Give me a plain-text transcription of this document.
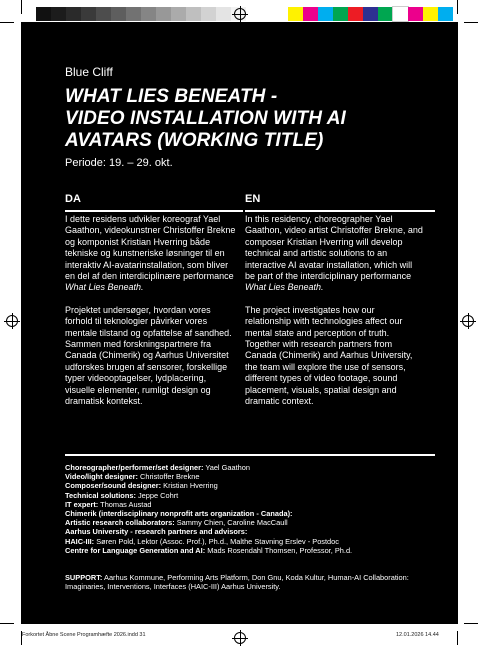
Blue Cliff
WHAT LIES BENEATH -
VIDEO INSTALLATION WITH AI
AVATARS (WORKING TITLE)
Periode: 19. – 29. okt.
DA

I dette residens udvikler koreograf Yael Gaathon, videokunstner Christoffer Brekne og komponist Kristian Hverring både tekniske og kunstneriske løsninger til en interaktiv AI-avatarinstallation, som bliver en del af den interdiciplinære performance What Lies Beneath.

Projektet undersøger, hvordan vores forhold til teknologier påvirker vores mentale tilstand og opfattelse af sandhed. Sammen med forskningspartnere fra Canada (Chimerik) og Aarhus Universitet udforskes brugen af sensorer, forskellige typer videooptagelser, lydplacering, visuelle elementer, rumligt design og dramatisk kontekst.

EN

In this residency, choreographer Yael Gaathon, video artist Christoffer Brekne, and composer Kristian Hverring will develop technical and artistic solutions to an interactive AI avatar installation, which will be part of the interdiciplinary performance What Lies Beneath.

The project investigates how our relationship with technologies affect our mental state and perception of truth. Together with research partners from Canada (Chimerik) and Aarhus University, the team will explore the use of sensors, different types of video footage, sound placement, visuals, spatial design and dramatic context.

Choreographer/performer/set designer: Yael Gaathon
Video/light designer: Christoffer Brekne
Composer/sound designer: Kristian Hverring
Technical solutions: Jeppe Cohrt
IT expert: Thomas Austad
Chimerik (interdisciplinary nonprofit arts organization - Canada):
Artistic research collaborators: Sammy Chien, Caroline MacCaull
Aarhus University - research partners and advisors:
HAIC-III: Søren Pold, Lektor (Assoc. Prof.), Ph.d., Malthe Stavning Erslev - Postdoc
Centre for Language Generation and AI: Mads Rosendahl Thomsen, Professor, Ph.d.
SUPPORT: Aarhus Kommune, Performing Arts Platform, Don Gnu, Koda Kultur, Human-AI Collaboration: Imaginaries, Interventions, Interfaces (HAIC-III) Aarhus University.
Forkortet Åbne Scene Programhæfte 2026.indd 31	12.01.2026 14.44
